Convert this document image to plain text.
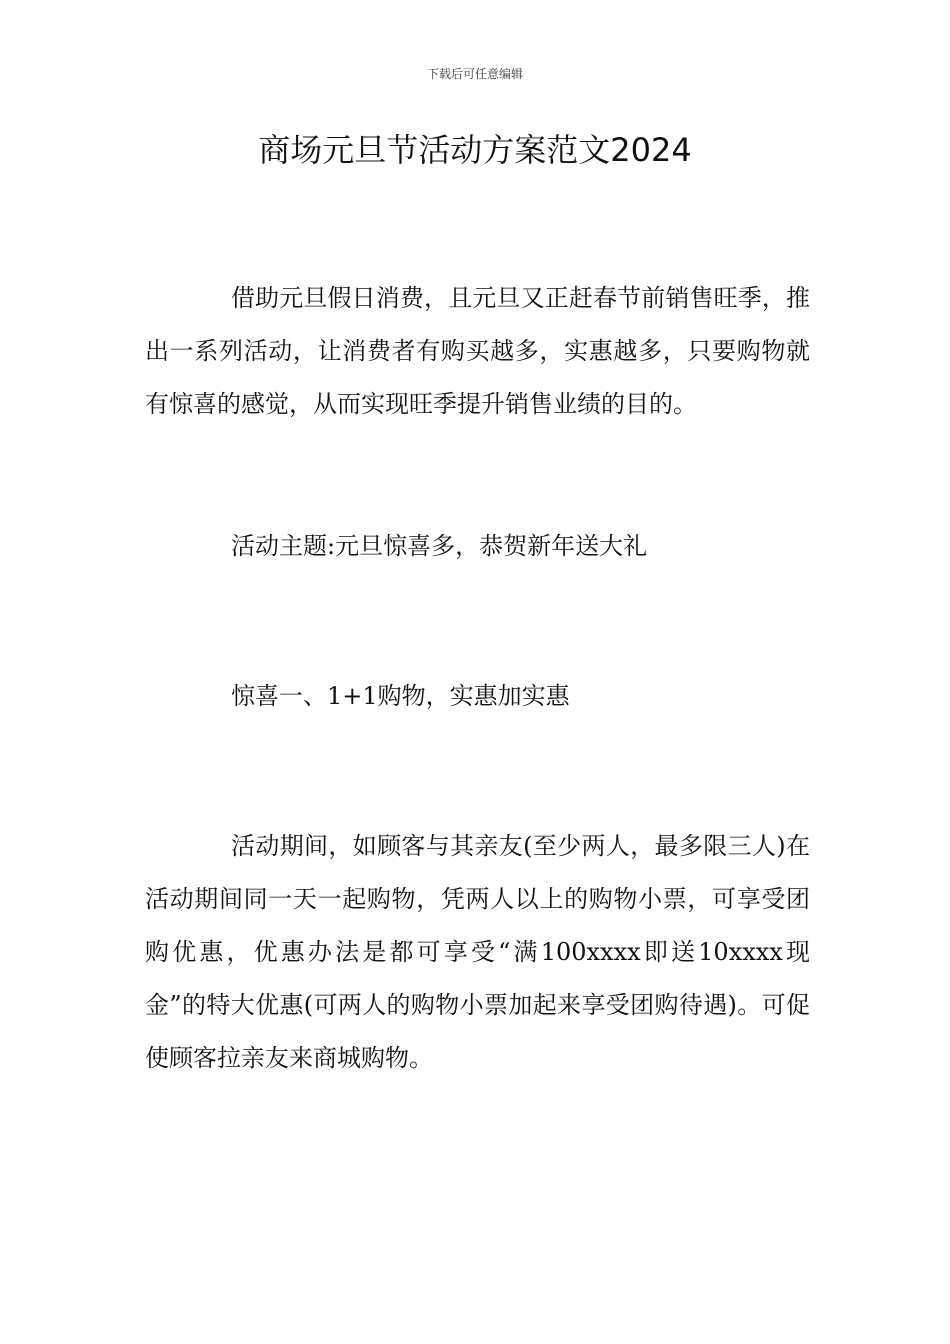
下载后可任意编辑
商场元旦节活动方案范文2024

借助元旦假日消费，且元旦又正赶春节前销售旺季，推出一系列活动，让消费者有购买越多，实惠越多，只要购物就有惊喜的感觉，从而实现旺季提升销售业绩的目的。

活动主题:元旦惊喜多，恭贺新年送大礼

惊喜一、1+1购物，实惠加实惠

活动期间，如顾客与其亲友(至少两人，最多限三人)在活动期间同一天一起购物，凭两人以上的购物小票，可享受团购优惠，优惠办法是都可享受“满100xxxx即送10xxxx现金”的特大优惠(可两人的购物小票加起来享受团购待遇)。可促使顾客拉亲友来商城购物。
